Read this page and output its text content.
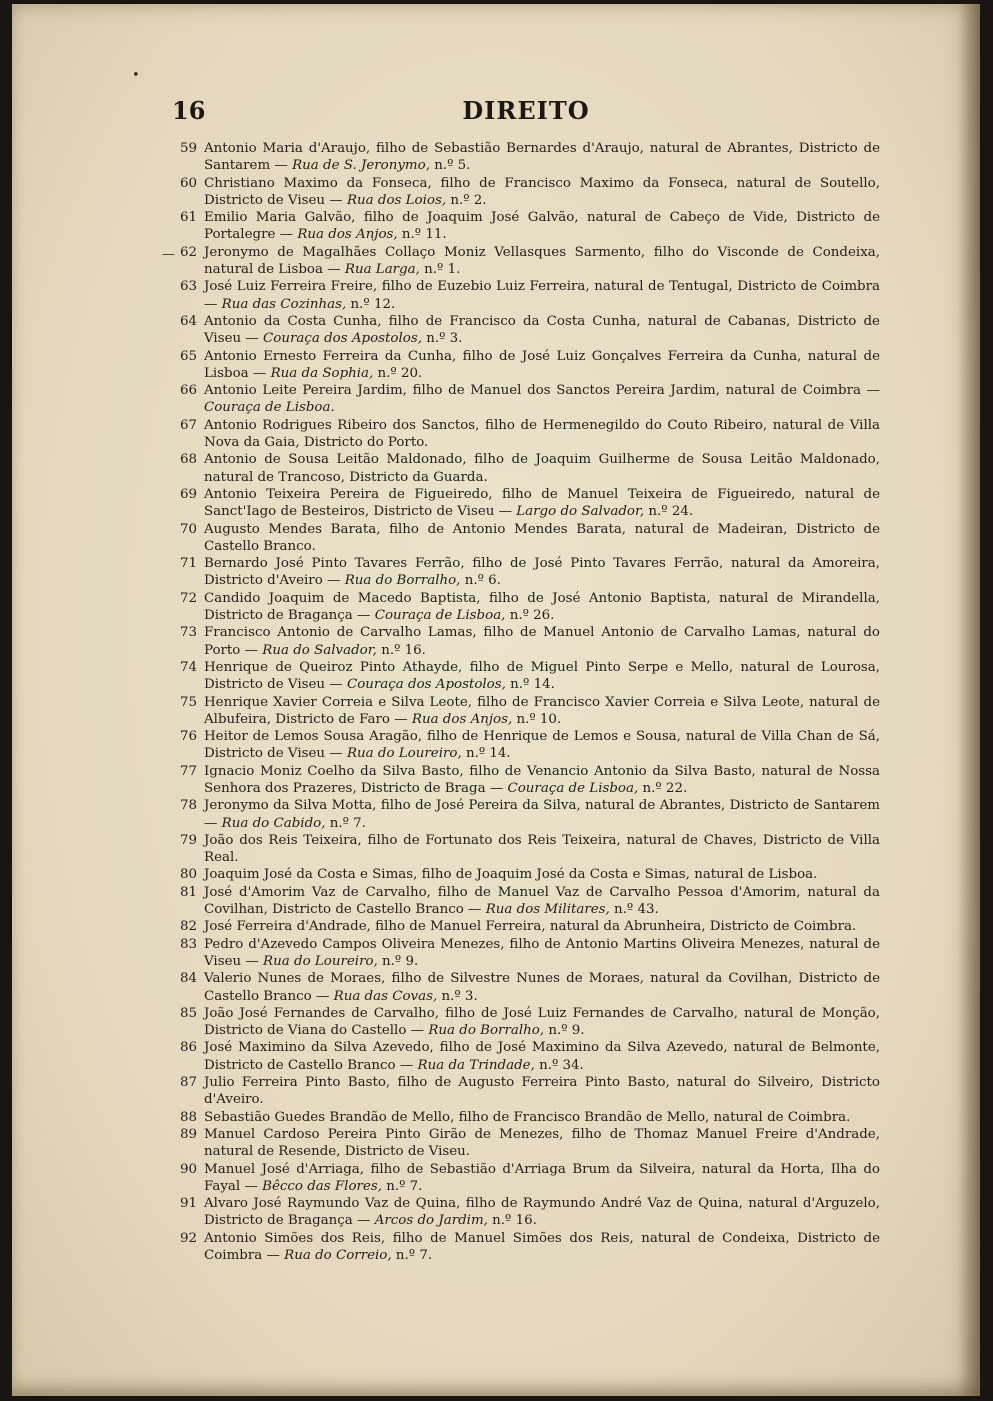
DIREITO
16
•
—
59 Antonio Maria d'Araujo, filho de Sebastião Bernardes d'Araujo, natural de Abrantes, Districto de Santarem — Rua de S. Jeronymo, n.º 5.
60 Christiano Maximo da Fonseca, filho de Francisco Maximo da Fonseca, natural de Soutello, Districto de Viseu — Rua dos Loios, n.º 2.
61 Emilio Maria Galvão, filho de Joaquim José Galvão, natural de Cabeço de Vide, Districto de Portalegre — Rua dos Anjos, n.º 11.
62 Jeronymo de Magalhães Collaço Moniz Vellasques Sarmento, filho do Visconde de Condeixa, natural de Lisboa — Rua Larga, n.º 1.
63 José Luiz Ferreira Freire, filho de Euzebio Luiz Ferreira, natural de Tentugal, Districto de Coimbra — Rua das Cozinhas, n.º 12.
64 Antonio da Costa Cunha, filho de Francisco da Costa Cunha, natural de Cabanas, Districto de Viseu — Couraça dos Apostolos, n.º 3.
65 Antonio Ernesto Ferreira da Cunha, filho de José Luiz Gonçalves Ferreira da Cunha, natural de Lisboa — Rua da Sophia, n.º 20.
66 Antonio Leite Pereira Jardim, filho de Manuel dos Sanctos Pereira Jardim, natural de Coimbra — Couraça de Lisboa.
67 Antonio Rodrigues Ribeiro dos Sanctos, filho de Hermenegildo do Couto Ribeiro, natural de Villa Nova da Gaia, Districto do Porto.
68 Antonio de Sousa Leitão Maldonado, filho de Joaquim Guilherme de Sousa Leitão Maldonado, natural de Trancoso, Districto da Guarda.
69 Antonio Teixeira Pereira de Figueiredo, filho de Manuel Teixeira de Figueiredo, natural de Sanct'Iago de Besteiros, Districto de Viseu — Largo do Salvador, n.º 24.
70 Augusto Mendes Barata, filho de Antonio Mendes Barata, natural de Madeiran, Districto de Castello Branco.
71 Bernardo José Pinto Tavares Ferrão, filho de José Pinto Tavares Ferrão, natural da Amoreira, Districto d'Aveiro — Rua do Borralho, n.º 6.
72 Candido Joaquim de Macedo Baptista, filho de José Antonio Baptista, natural de Mirandella, Districto de Bragança — Couraça de Lisboa, n.º 26.
73 Francisco Antonio de Carvalho Lamas, filho de Manuel Antonio de Carvalho Lamas, natural do Porto — Rua do Salvador, n.º 16.
74 Henrique de Queiroz Pinto Athayde, filho de Miguel Pinto Serpe e Mello, natural de Lourosa, Districto de Viseu — Couraça dos Apostolos, n.º 14.
75 Henrique Xavier Correia e Silva Leote, filho de Francisco Xavier Correia e Silva Leote, natural de Albufeira, Districto de Faro — Rua dos Anjos, n.º 10.
76 Heitor de Lemos Sousa Aragão, filho de Henrique de Lemos e Sousa, natural de Villa Chan de Sá, Districto de Viseu — Rua do Loureiro, n.º 14.
77 Ignacio Moniz Coelho da Silva Basto, filho de Venancio Antonio da Silva Basto, natural de Nossa Senhora dos Prazeres, Districto de Braga — Couraça de Lisboa, n.º 22.
78 Jeronymo da Silva Motta, filho de José Pereira da Silva, natural de Abrantes, Districto de Santarem — Rua do Cabido, n.º 7.
79 João dos Reis Teixeira, filho de Fortunato dos Reis Teixeira, natural de Chaves, Districto de Villa Real.
80 Joaquim José da Costa e Simas, filho de Joaquim José da Costa e Simas, natural de Lisboa.
81 José d'Amorim Vaz de Carvalho, filho de Manuel Vaz de Carvalho Pessoa d'Amorim, natural da Covilhan, Districto de Castello Branco — Rua dos Militares, n.º 43.
82 José Ferreira d'Andrade, filho de Manuel Ferreira, natural da Abrunheira, Districto de Coimbra.
83 Pedro d'Azevedo Campos Oliveira Menezes, filho de Antonio Martins Oliveira Menezes, natural de Viseu — Rua do Loureiro, n.º 9.
84 Valerio Nunes de Moraes, filho de Silvestre Nunes de Moraes, natural da Covilhan, Districto de Castello Branco — Rua das Covas, n.º 3.
85 João José Fernandes de Carvalho, filho de José Luiz Fernandes de Carvalho, natural de Monção, Districto de Viana do Castello — Rua do Borralho, n.º 9.
86 José Maximino da Silva Azevedo, filho de José Maximino da Silva Azevedo, natural de Belmonte, Districto de Castello Branco — Rua da Trindade, n.º 34.
87 Julio Ferreira Pinto Basto, filho de Augusto Ferreira Pinto Basto, natural do Silveiro, Districto d'Aveiro.
88 Sebastião Guedes Brandão de Mello, filho de Francisco Brandão de Mello, natural de Coimbra.
89 Manuel Cardoso Pereira Pinto Girão de Menezes, filho de Thomaz Manuel Freire d'Andrade, natural de Resende, Districto de Viseu.
90 Manuel José d'Arriaga, filho de Sebastião d'Arriaga Brum da Silveira, natural da Horta, Ilha do Fayal — Bêcco das Flores, n.º 7.
91 Alvaro José Raymundo Vaz de Quina, filho de Raymundo André Vaz de Quina, natural d'Arguzelo, Districto de Bragança — Arcos do Jardim, n.º 16.
92 Antonio Simões dos Reis, filho de Manuel Simões dos Reis, natural de Condeixa, Districto de Coimbra — Rua do Correio, n.º 7.
